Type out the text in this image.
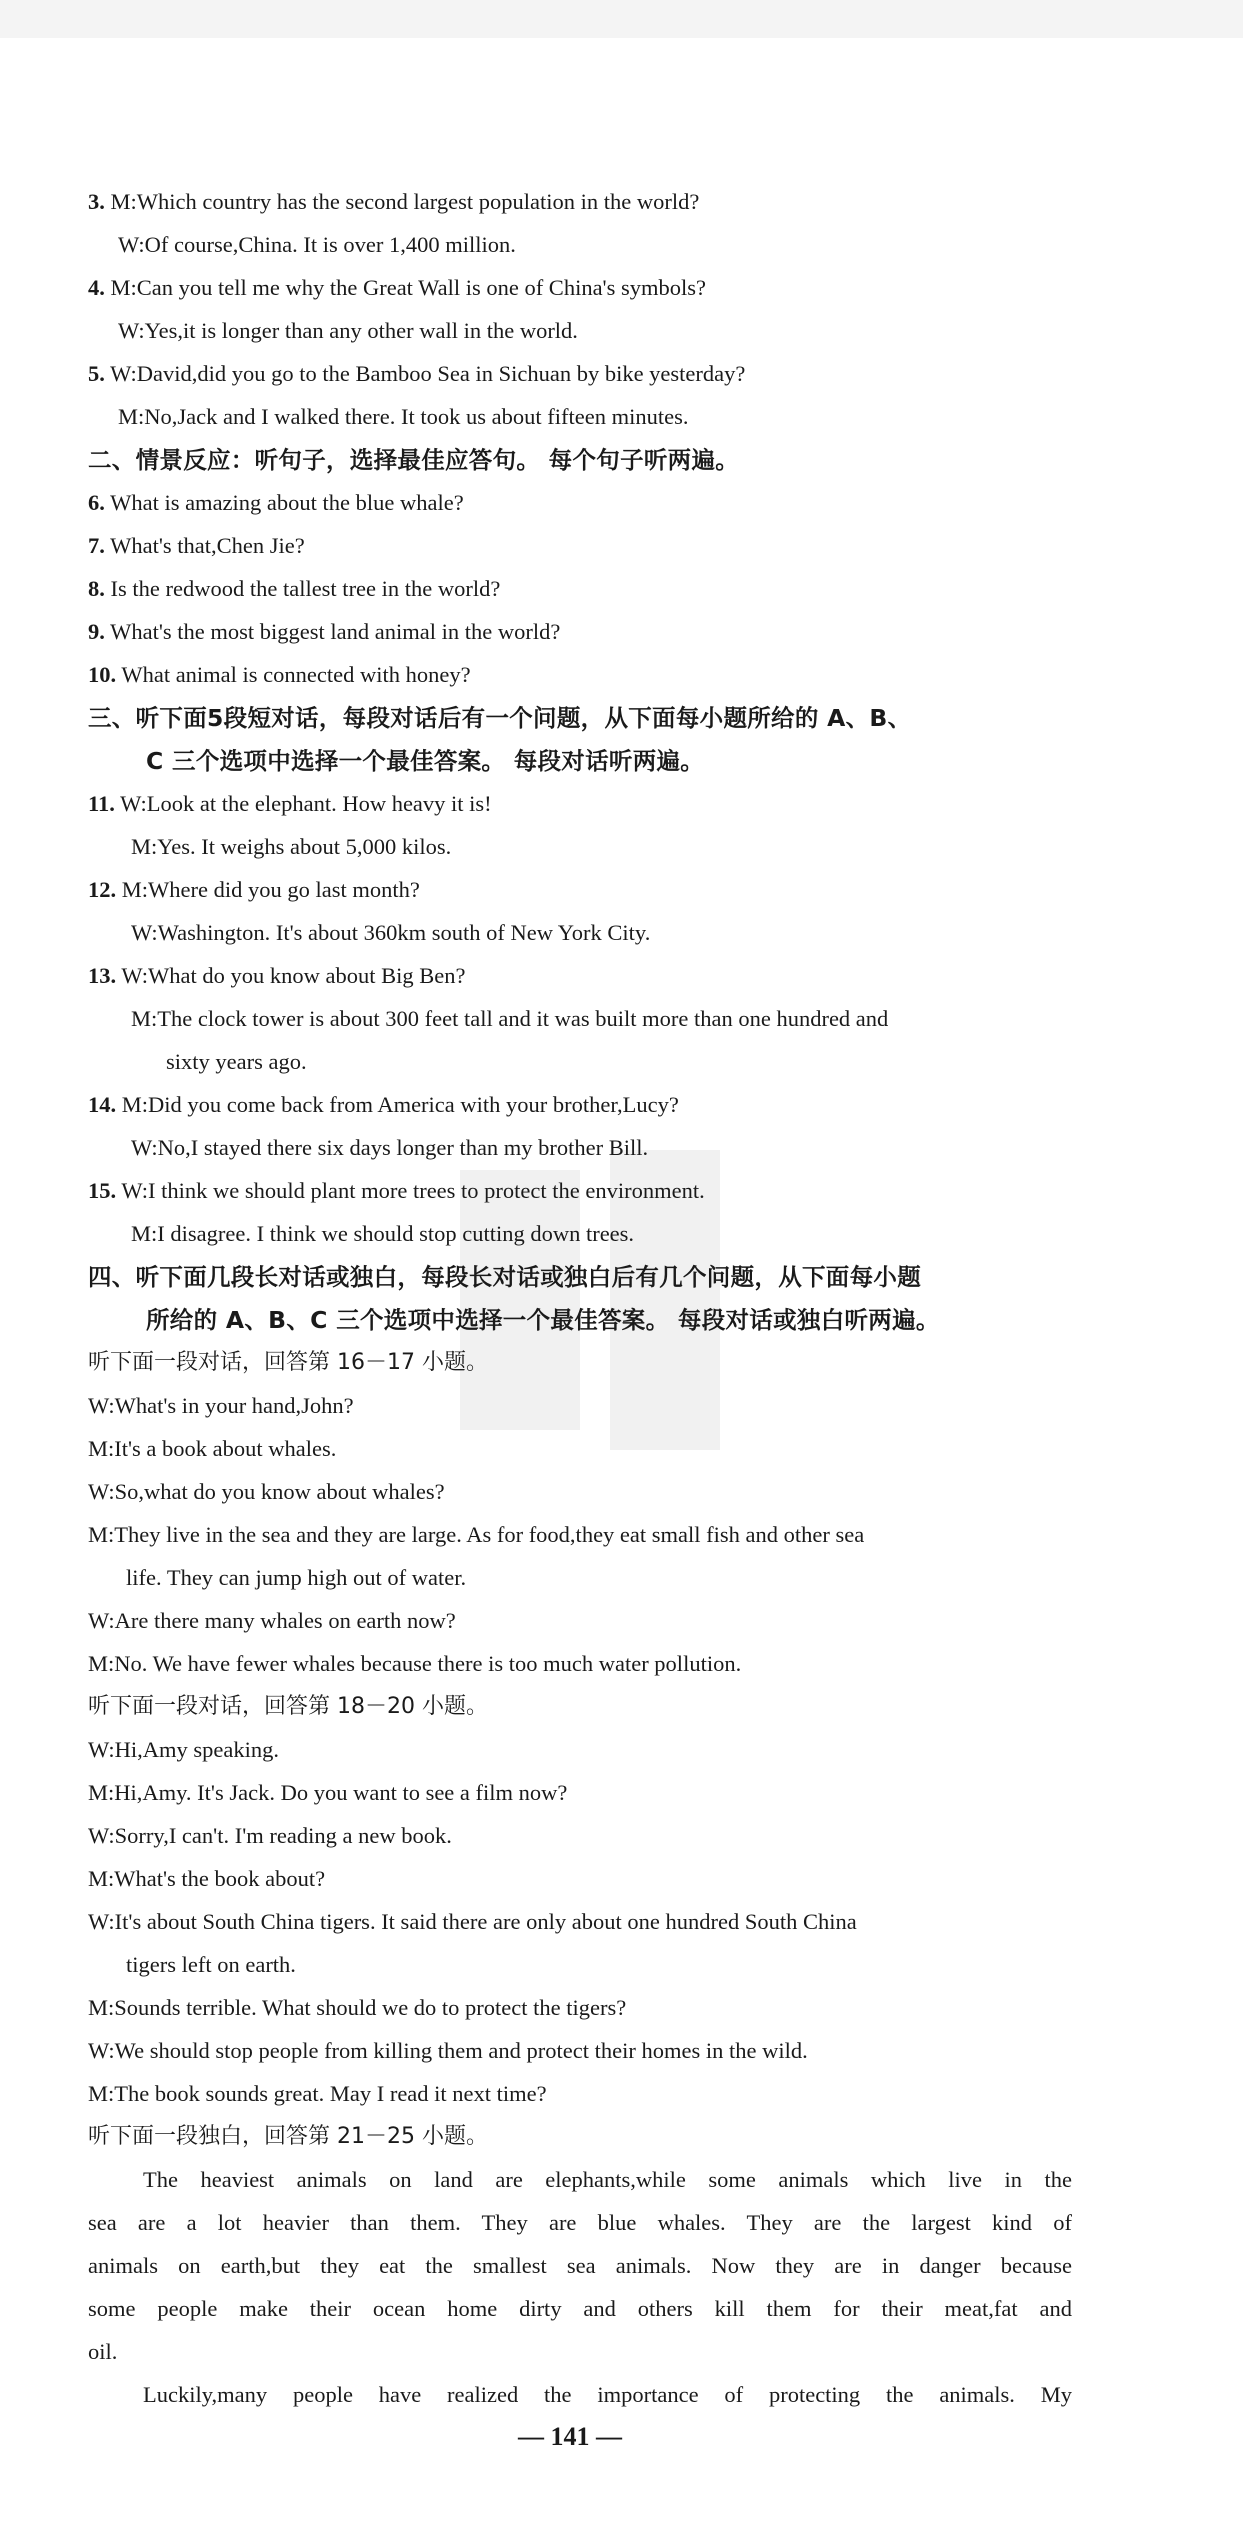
3. M:Which country has the second largest population in the world?
W:Of course,China. It is over 1,400 million.
4. M:Can you tell me why the Great Wall is one of China's symbols?
W:Yes,it is longer than any other wall in the world.
5. W:David,did you go to the Bamboo Sea in Sichuan by bike yesterday?
M:No,Jack and I walked there. It took us about fifteen minutes.
二、情景反应：听句子，选择最佳应答句。 每个句子听两遍。
6. What is amazing about the blue whale?
7. What's that,Chen Jie?
8. Is the redwood the tallest tree in the world?
9. What's the most biggest land animal in the world?
10. What animal is connected with honey?
三、听下面5段短对话，每段对话后有一个问题，从下面每小题所给的 A、B、
C 三个选项中选择一个最佳答案。 每段对话听两遍。
11. W:Look at the elephant. How heavy it is!
M:Yes. It weighs about 5,000 kilos.
12. M:Where did you go last month?
W:Washington. It's about 360km south of New York City.
13. W:What do you know about Big Ben?
M:The clock tower is about 300 feet tall and it was built more than one hundred and
sixty years ago.
14. M:Did you come back from America with your brother,Lucy?
W:No,I stayed there six days longer than my brother Bill.
15. W:I think we should plant more trees to protect the environment.
M:I disagree. I think we should stop cutting down trees.
四、听下面几段长对话或独白，每段长对话或独白后有几个问题，从下面每小题
所给的 A、B、C 三个选项中选择一个最佳答案。 每段对话或独白听两遍。
听下面一段对话，回答第 16－17 小题。
W:What's in your hand,John?
M:It's a book about whales.
W:So,what do you know about whales?
M:They live in the sea and they are large. As for food,they eat small fish and other sea
life. They can jump high out of water.
W:Are there many whales on earth now?
M:No. We have fewer whales because there is too much water pollution.
听下面一段对话，回答第 18－20 小题。
W:Hi,Amy speaking.
M:Hi,Amy. It's Jack. Do you want to see a film now?
W:Sorry,I can't. I'm reading a new book.
M:What's the book about?
W:It's about South China tigers. It said there are only about one hundred South China
tigers left on earth.
M:Sounds terrible. What should we do to protect the tigers?
W:We should stop people from killing them and protect their homes in the wild.
M:The book sounds great. May I read it next time?
听下面一段独白，回答第 21－25 小题。
The heaviest animals on land are elephants,while some animals which live in the
sea are a lot heavier than them. They are blue whales. They are the largest kind of
animals on earth,but they eat the smallest sea animals. Now they are in danger because
some people make their ocean home dirty and others kill them for their meat,fat and
oil.
Luckily,many people have realized the importance of protecting the animals. My
— 141 —
